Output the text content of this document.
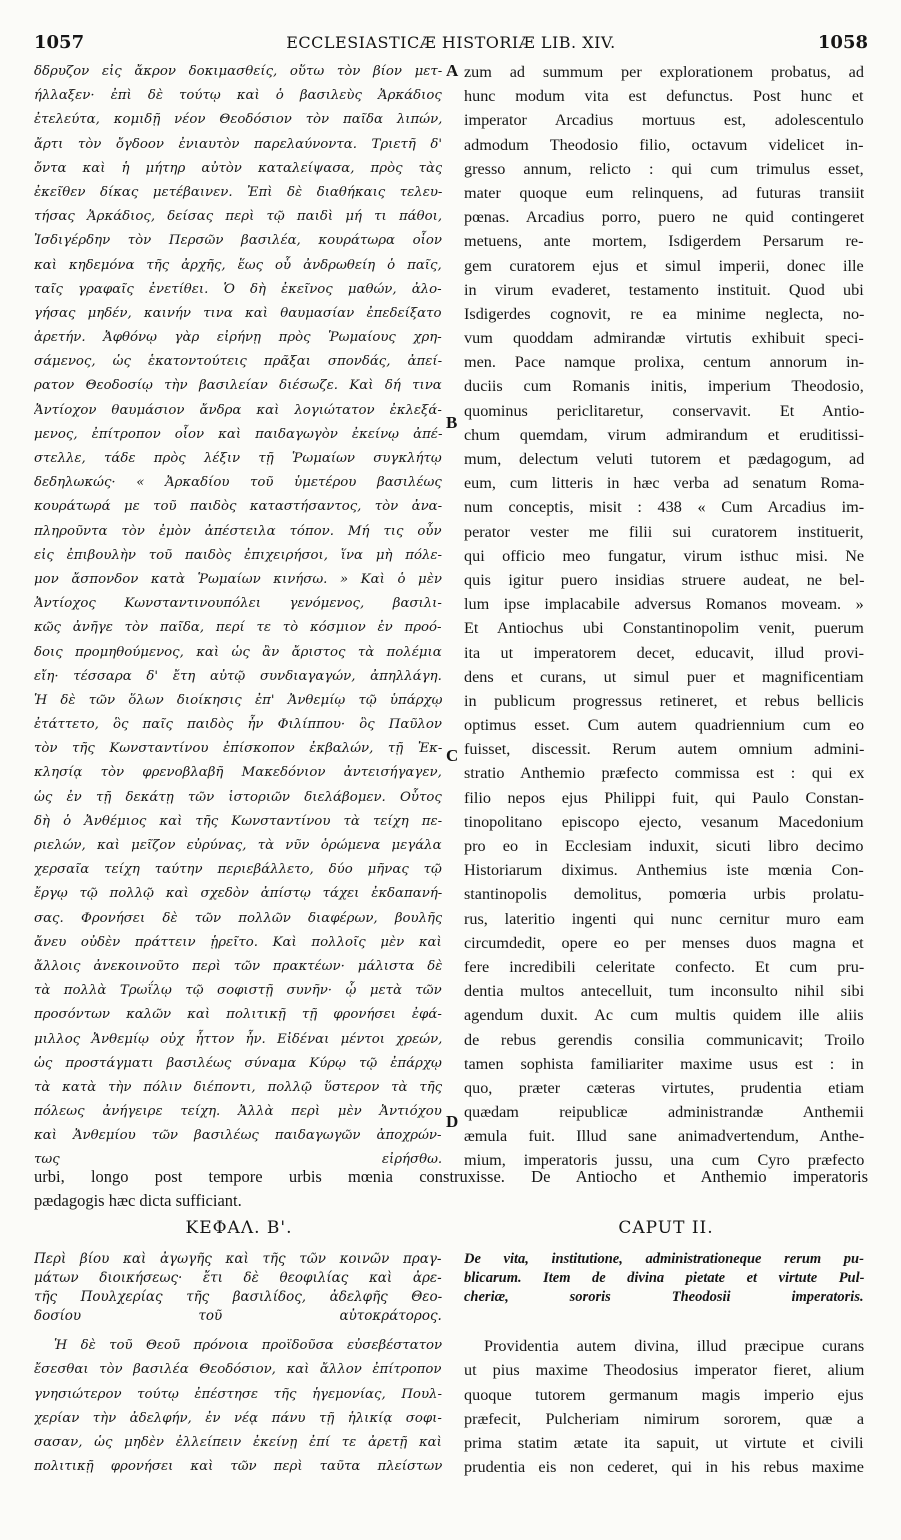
1057	ECCLESIASTICÆ HISTORIÆ LIB. XIV.	1058
A
B
C
D
δδρυζον εἰς ἄκρον δοκιμασθείς, οὕτω τὸν βίον μετ-
ήλλαξεν· ἐπὶ δὲ τούτῳ καὶ ὁ βασιλεὺς Ἀρκάδιος
ἐτελεύτα, κομιδῇ νέον Θεοδόσιον τὸν παῖδα λιπών,
ἄρτι τὸν ὄγδοον ἐνιαυτὸν παρελαύνοντα. Τριετῆ δ'
ὄντα καὶ ἡ μήτηρ αὐτὸν καταλείψασα, πρὸς τὰς
ἐκεῖθεν δίκας μετέβαινεν. Ἐπὶ δὲ διαθήκαις τελευ-
τήσας Ἀρκάδιος, δείσας περὶ τῷ παιδὶ μή τι πάθοι,
Ἰσδιγέρδην τὸν Περσῶν βασιλέα, κουράτωρα οἷον
καὶ κηδεμόνα τῆς ἀρχῆς, ἕως οὗ ἀνδρωθείη ὁ παῖς,
ταῖς γραφαῖς ἐνετίθει. Ὁ δὴ ἐκεῖνος μαθών, ἀλο-
γήσας μηδέν, καινήν τινα καὶ θαυμασίαν ἐπεδείξατο
ἀρετήν. Ἀφθόνῳ γὰρ εἰρήνῃ πρὸς Ῥωμαίους χρη-
σάμενος, ὡς ἑκατοντούτεις πρᾶξαι σπονδάς, ἀπεί-
ρατον Θεοδοσίῳ τὴν βασιλείαν διέσωζε. Καὶ δή τινα
Ἀντίοχον θαυμάσιον ἄνδρα καὶ λογιώτατον ἐκλεξά-
μενος, ἐπίτροπον οἷον καὶ παιδαγωγὸν ἐκείνῳ ἀπέ-
στελλε, τάδε πρὸς λέξιν τῇ Ῥωμαίων συγκλήτῳ
δεδηλωκώς· « Ἀρκαδίου τοῦ ὑμετέρου βασιλέως
κουράτωρά με τοῦ παιδὸς καταστήσαντος, τὸν ἀνα-
πληροῦντα τὸν ἐμὸν ἀπέστειλα τόπον. Μή τις οὖν
εἰς ἐπιβουλὴν τοῦ παιδὸς ἐπιχειρήσοι, ἵνα μὴ πόλε-
μον ἄσπονδον κατὰ Ῥωμαίων κινήσω. » Καὶ ὁ μὲν
Ἀντίοχος Κωνσταντινουπόλει γενόμενος, βασιλι-
κῶς ἀνῆγε τὸν παῖδα, περί τε τὸ κόσμιον ἐν προό-
δοις προμηθούμενος, καὶ ὡς ἂν ἄριστος τὰ πολέμια
εἴη· τέσσαρα δ' ἔτη αὐτῷ συνδιαγαγών, ἀπηλλάγη.
Ἡ δὲ τῶν ὅλων διοίκησις ἐπ' Ἀνθεμίῳ τῷ ὑπάρχῳ
ἐτάττετο, ὃς παῖς παιδὸς ἦν Φιλίππου· ὃς Παῦλον
τὸν τῆς Κωνσταντίνου ἐπίσκοπον ἐκβαλών, τῇ Ἐκ-
κλησίᾳ τὸν φρενοβλαβῆ Μακεδόνιον ἀντεισήγαγεν,
ὡς ἐν τῇ δεκάτῃ τῶν ἱστοριῶν διελάβομεν. Οὗτος
δὴ ὁ Ἀνθέμιος καὶ τῆς Κωνσταντίνου τὰ τείχη πε-
ριελών, καὶ μεῖζον εὐρύνας, τὰ νῦν ὁρώμενα μεγάλα
χερσαῖα τείχη ταύτην περιεβάλλετο, δύο μῆνας τῷ
ἔργῳ τῷ πολλῷ καὶ σχεδὸν ἀπίστῳ τάχει ἐκδαπανή-
σας. Φρονήσει δὲ τῶν πολλῶν διαφέρων, βουλῆς
ἄνευ οὐδὲν πράττειν ᾑρεῖτο. Καὶ πολλοῖς μὲν καὶ
ἄλλοις ἀνεκοινοῦτο περὶ τῶν πρακτέων· μάλιστα δὲ
τὰ πολλὰ Τρωΐλῳ τῷ σοφιστῇ συνῆν· ᾧ μετὰ τῶν
προσόντων καλῶν καὶ πολιτικῇ τῇ φρονήσει ἐφά-
μιλλος Ἀνθεμίῳ οὐχ ἧττον ἦν. Εἰδέναι μέντοι χρεών,
ὡς προστάγματι βασιλέως σύναμα Κύρῳ τῷ ἐπάρχῳ
τὰ κατὰ τὴν πόλιν διέποντι, πολλῷ ὕστερον τὰ τῆς
πόλεως ἀνήγειρε τείχη. Ἀλλὰ περὶ μὲν Ἀντιόχου
καὶ Ἀνθεμίου τῶν βασιλέως παιδαγωγῶν ἀποχρών-
τως εἰρήσθω.
zum ad summum per explorationem probatus, ad
hunc modum vita est defunctus. Post hunc et
imperator Arcadius mortuus est, adolescentulo
admodum Theodosio filio, octavum videlicet in-
gresso annum, relicto : qui cum trimulus esset,
mater quoque eum relinquens, ad futuras transiit
pœnas. Arcadius porro, puero ne quid contingeret
metuens, ante mortem, Isdigerdem Persarum re-
gem curatorem ejus et simul imperii, donec ille
in virum evaderet, testamento instituit. Quod ubi
Isdigerdes cognovit, re ea minime neglecta, no-
vum quoddam admirandæ virtutis exhibuit speci-
men. Pace namque prolixa, centum annorum in-
duciis cum Romanis initis, imperium Theodosio,
quominus periclitaretur, conservavit. Et Antio-
chum quemdam, virum admirandum et eruditissi-
mum, delectum veluti tutorem et pædagogum, ad
eum, cum litteris in hæc verba ad senatum Roma-
num conceptis, misit : 438 « Cum Arcadius im-
perator vester me filii sui curatorem instituerit,
qui officio meo fungatur, virum isthuc misi. Ne
quis igitur puero insidias struere audeat, ne bel-
lum ipse implacabile adversus Romanos moveam. »
Et Antiochus ubi Constantinopolim venit, puerum
ita ut imperatorem decet, educavit, illud provi-
dens et curans, ut simul puer et magnificentiam
in publicum progressus retineret, et rebus bellicis
optimus esset. Cum autem quadriennium cum eo
fuisset, discessit. Rerum autem omnium admini-
stratio Anthemio præfecto commissa est : qui ex
filio nepos ejus Philippi fuit, qui Paulo Constan-
tinopolitano episcopo ejecto, vesanum Macedonium
pro eo in Ecclesiam induxit, sicuti libro decimo
Historiarum diximus. Anthemius iste mœnia Con-
stantinopolis demolitus, pomœria urbis prolatu-
rus, lateritio ingenti qui nunc cernitur muro eam
circumdedit, opere eo per menses duos magna et
fere incredibili celeritate confecto. Et cum pru-
dentia multos antecelluit, tum inconsulto nihil sibi
agendum duxit. Ac cum multis quidem ille aliis
de rebus gerendis consilia communicavit; Troilo
tamen sophista familiariter maxime usus est : in
quo, præter cæteras virtutes, prudentia etiam
quædam reipublicæ administrandæ Anthemii
æmula fuit. Illud sane animadvertendum, Anthe-
mium, imperatoris jussu, una cum Cyro præfecto
urbi, longo post tempore urbis mœnia construxisse. De Antiocho et Anthemio imperatoris
pædagogis hæc dicta sufficiant.
ΚΕΦΑΛ. Β'.	CAPUT II.
Περὶ βίου καὶ ἀγωγῆς καὶ τῆς τῶν κοινῶν πραγ-
μάτων διοικήσεως· ἔτι δὲ θεοφιλίας καὶ ἀρε-
τῆς Πουλχερίας τῆς βασιλίδος, ἀδελφῆς Θεο-
δοσίου τοῦ αὐτοκράτορος.
De vita, institutione, administrationeque rerum pu-
blicarum. Item de divina pietate et virtute Pul-
cheriæ, sororis Theodosii imperatoris.
Ἡ δὲ τοῦ Θεοῦ πρόνοια προϊδοῦσα εὐσεβέστατον
ἔσεσθαι τὸν βασιλέα Θεοδόσιον, καὶ ἄλλον ἐπίτροπον
γνησιώτερον τούτῳ ἐπέστησε τῆς ἡγεμονίας, Πουλ-
χερίαν τὴν ἀδελφήν, ἐν νέᾳ πάνυ τῇ ἡλικίᾳ σοφι-
σασαν, ὡς μηδὲν ἐλλείπειν ἐκείνῃ ἐπί τε ἀρετῇ καὶ
πολιτικῇ φρονήσει καὶ τῶν περὶ ταῦτα πλείστων
Providentia autem divina, illud præcipue curans
ut pius maxime Theodosius imperator fieret, alium
quoque tutorem germanum magis imperio ejus
præfecit, Pulcheriam nimirum sororem, quæ a
prima statim ætate ita sapuit, ut virtute et civili
prudentia eis non cederet, qui in his rebus maxime
